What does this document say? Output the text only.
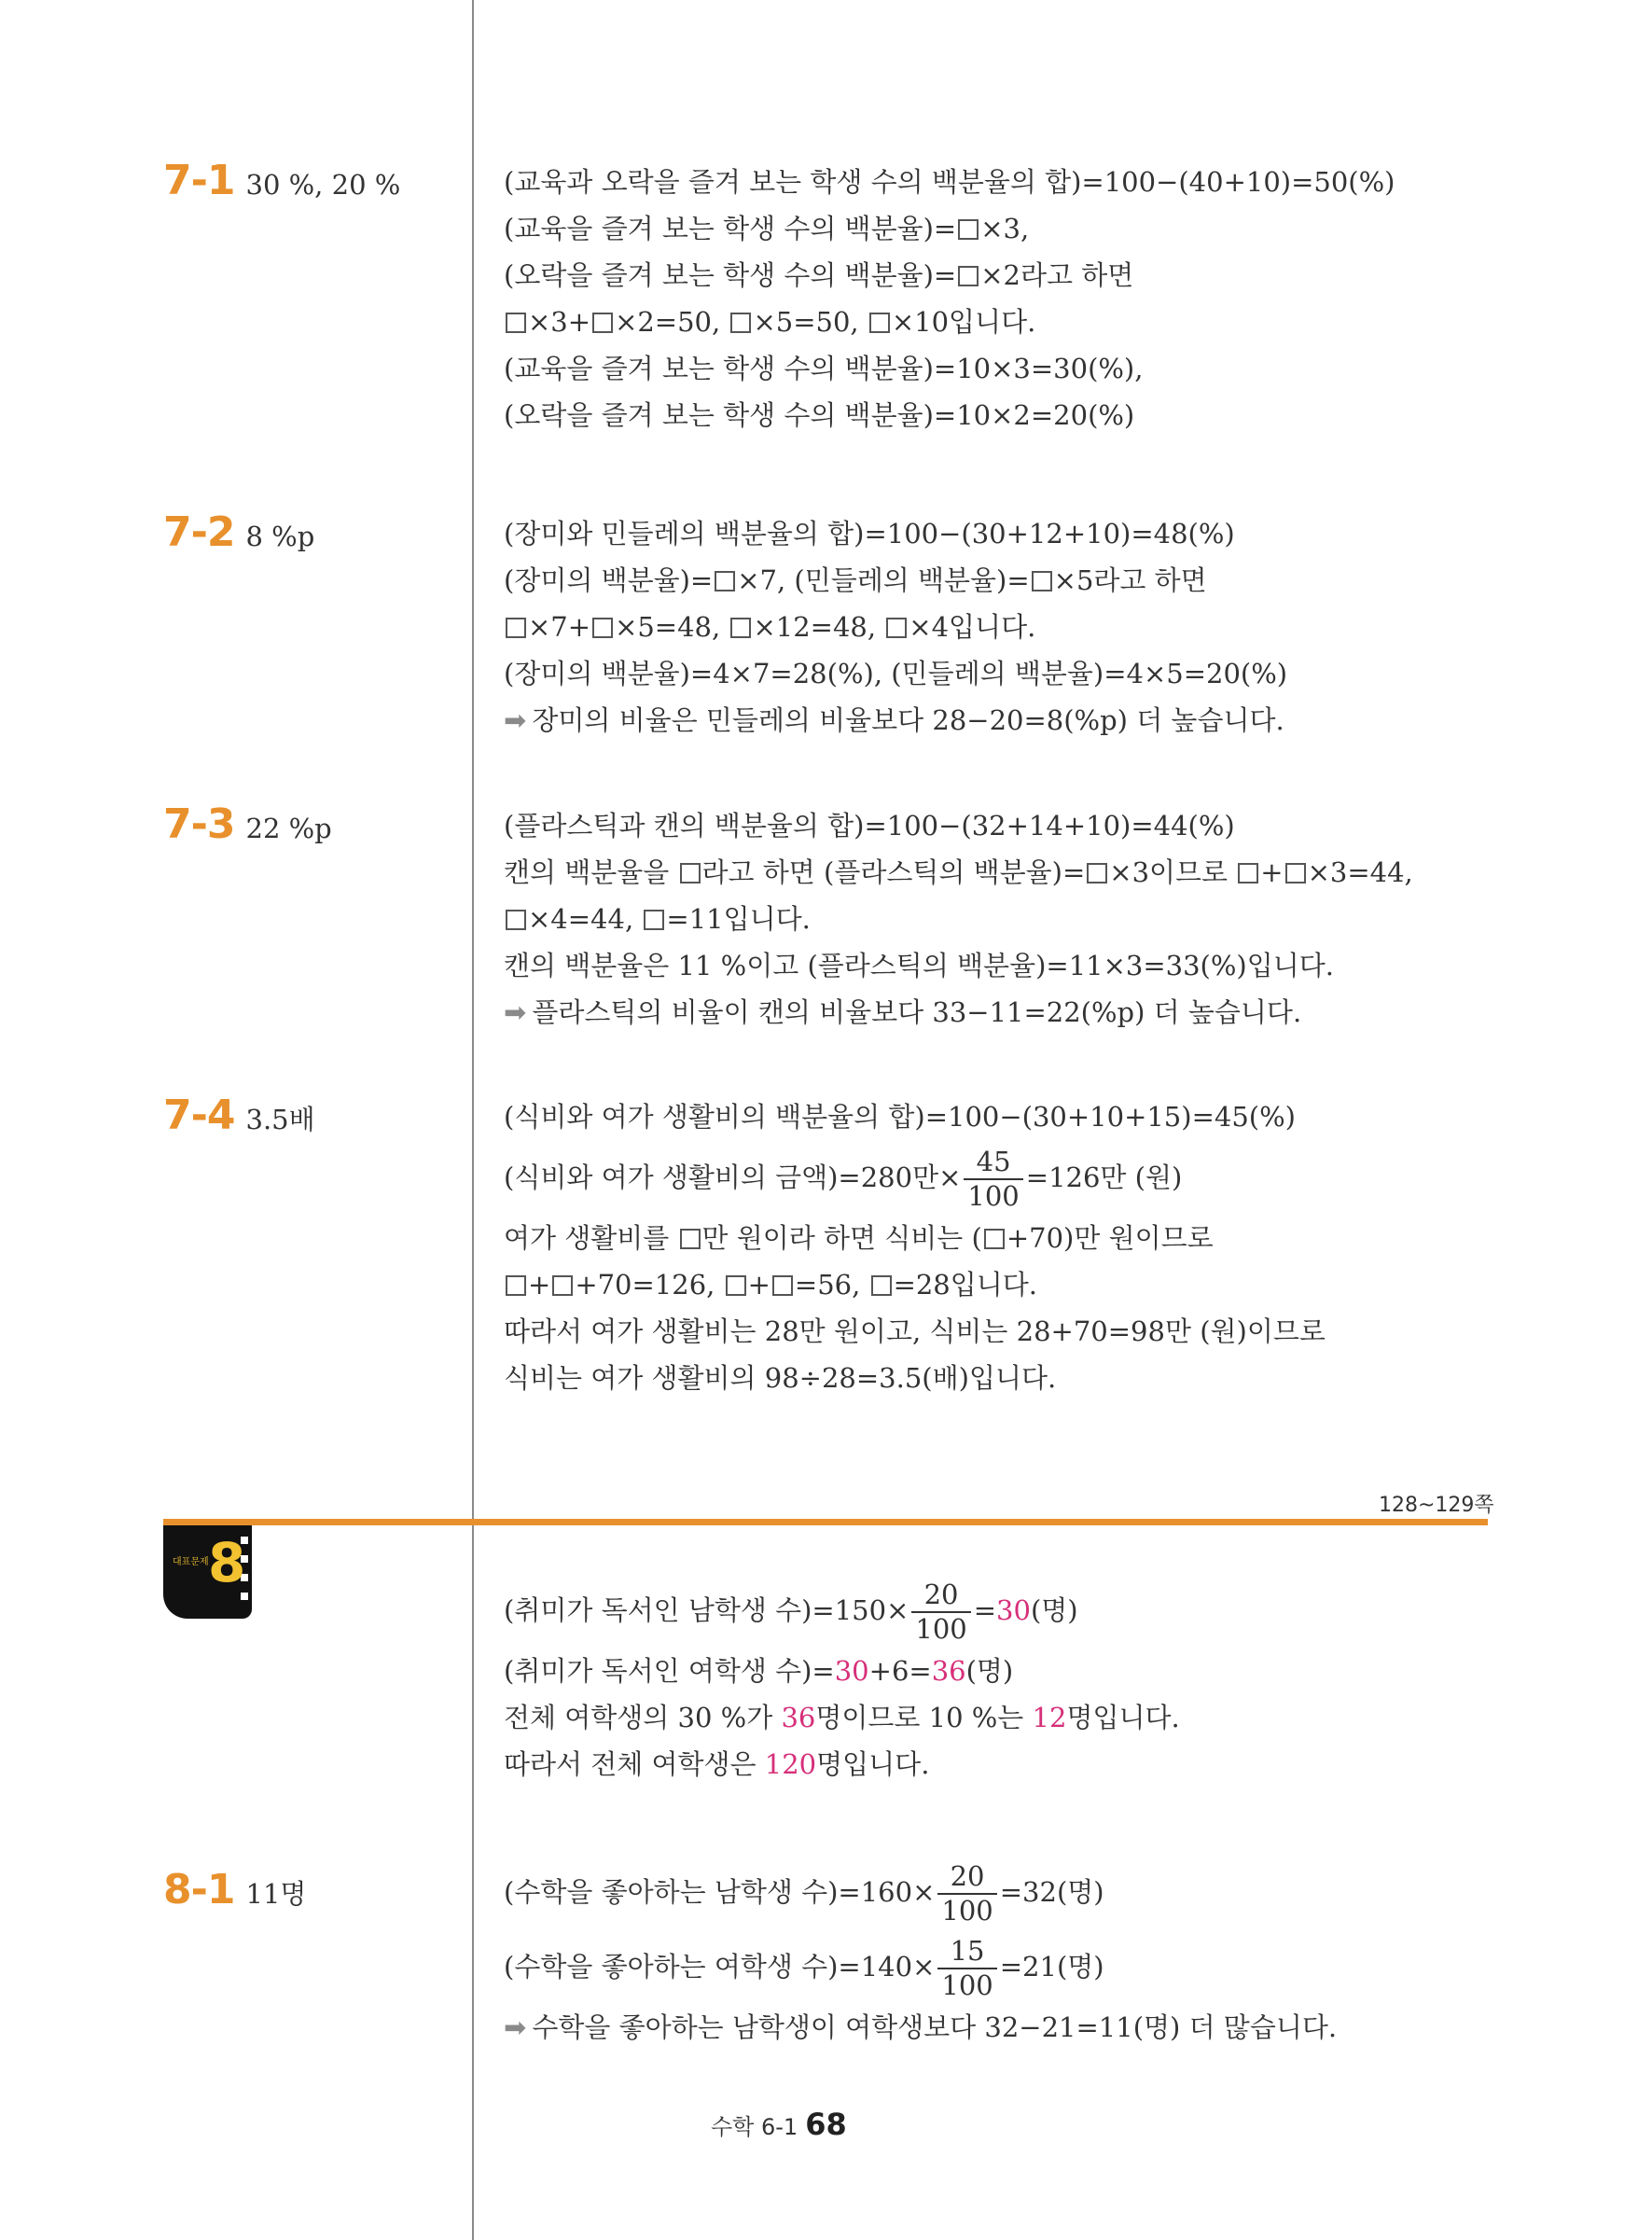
7-1 30 %, 20 %	(교육과 오락을 즐겨 보는 학생 수의 백분율의 합)=100−(40+10)=50(%)
(교육을 즐겨 보는 학생 수의 백분율)= ×3,
(오락을 즐겨 보는 학생 수의 백분율)= ×2라고 하면
×3+ ×2=50, ×5=50, ×10입니다.
(교육을 즐겨 보는 학생 수의 백분율)=10×3=30(%),
(오락을 즐겨 보는 학생 수의 백분율)=10×2=20(%)
7-2 8 %p	(장미와 민들레의 백분율의 합)=100−(30+12+10)=48(%)
(장미의 백분율)= ×7, (민들레의 백분율)= ×5라고 하면
×7+ ×5=48, ×12=48, ×4입니다.
(장미의 백분율)=4×7=28(%), (민들레의 백분율)=4×5=20(%)
➡ 장미의 비율은 민들레의 비율보다 28−20=8(%p) 더 높습니다.
7-3 22 %p	(플라스틱과 캔의 백분율의 합)=100−(32+14+10)=44(%)
캔의 백분율을 라고 하면 (플라스틱의 백분율)= ×3이므로 + ×3=44,
×4=44, =11입니다.
캔의 백분율은 11 %이고 (플라스틱의 백분율)=11×3=33(%)입니다.
➡ 플라스틱의 비율이 캔의 비율보다 33−11=22(%p) 더 높습니다.
7-4 3.5배	(식비와 여가 생활비의 백분율의 합)=100−(30+10+15)=45(%)
(식비와 여가 생활비의 금액)=280만× $\frac{45}{100} =126$만 (원)
여가 생활비를 만 원이라 하면 식비는 ( +70)만 원이므로
+ +70=126, + =56, =28입니다.
따라서 여가 생활비는 28만 원이고, 식비는 28+70=98만 (원)이므로
식비는 여가 생활비의 98÷28=3.5(배)입니다.
128~129쪽
대표문제 8
(취미가 독서인 남학생 수)$=150\times \frac{20}{100} =30$(명)
(취미가 독서인 여학생 수)=30+6=36(명)
전체 여학생의 30 %가 36명이므로 10 %는 12명입니다.
따라서 전체 여학생은 120명입니다.
8-1 11명	(수학을 좋아하는 남학생 수)$=160\times \frac{20}{100} =32$(명)
(수학을 좋아하는 여학생 수)$=140\times \frac{15}{100} =21$(명)
➡ 수학을 좋아하는 남학생이 여학생보다 32−21=11(명) 더 많습니다.
수학 6-1 68
